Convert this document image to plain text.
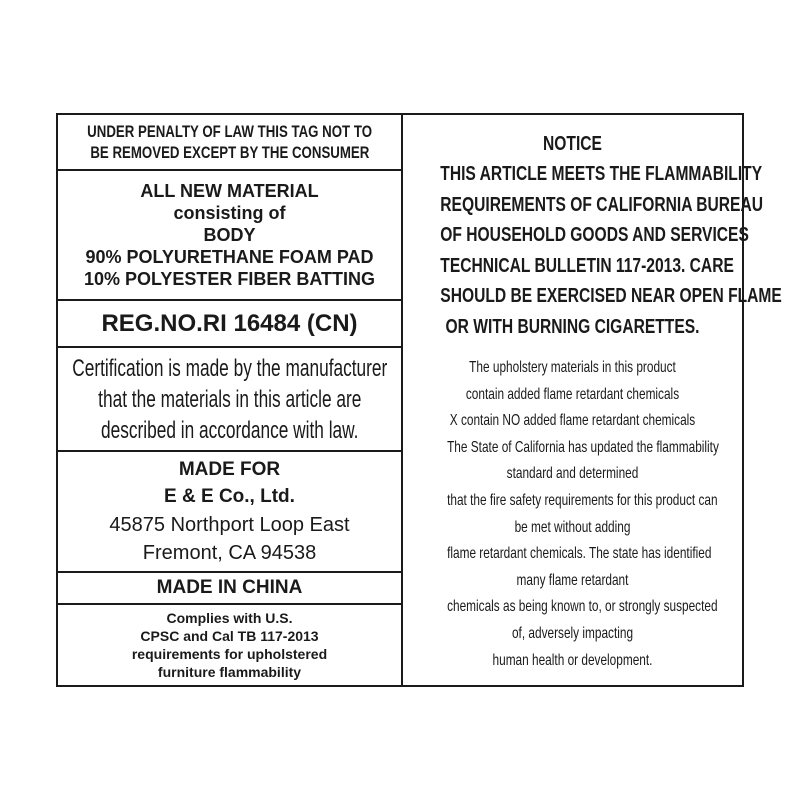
UNDER PENALTY OF LAW THIS TAG NOT TO
BE REMOVED EXCEPT BY THE CONSUMER
ALL NEW MATERIAL
consisting of
BODY
90% POLYURETHANE FOAM PAD
10% POLYESTER FIBER BATTING
REG.NO.RI 16484 (CN)
Certification is made by the manufacturer
that the materials in this article are
described in accordance with law.
MADE FOR
E & E Co., Ltd.
45875 Northport Loop East
Fremont, CA 94538
MADE IN CHINA
Complies with U.S.
CPSC and Cal TB 117-2013
requirements for upholstered
furniture flammability
NOTICE
THIS ARTICLE MEETS THE FLAMMABILITY
REQUIREMENTS OF CALIFORNIA BUREAU
OF HOUSEHOLD GOODS AND SERVICES
TECHNICAL BULLETIN 117-2013. CARE
SHOULD BE EXERCISED NEAR OPEN FLAME
OR WITH BURNING CIGARETTES.
The upholstery materials in this product
contain added flame retardant chemicals
X contain NO added flame retardant chemicals
The State of California has updated the flammability
standard and determined
that the fire safety requirements for this product can
be met without adding
flame retardant chemicals. The state has identified
many flame retardant
chemicals as being known to, or strongly suspected
of, adversely impacting
human health or development.
